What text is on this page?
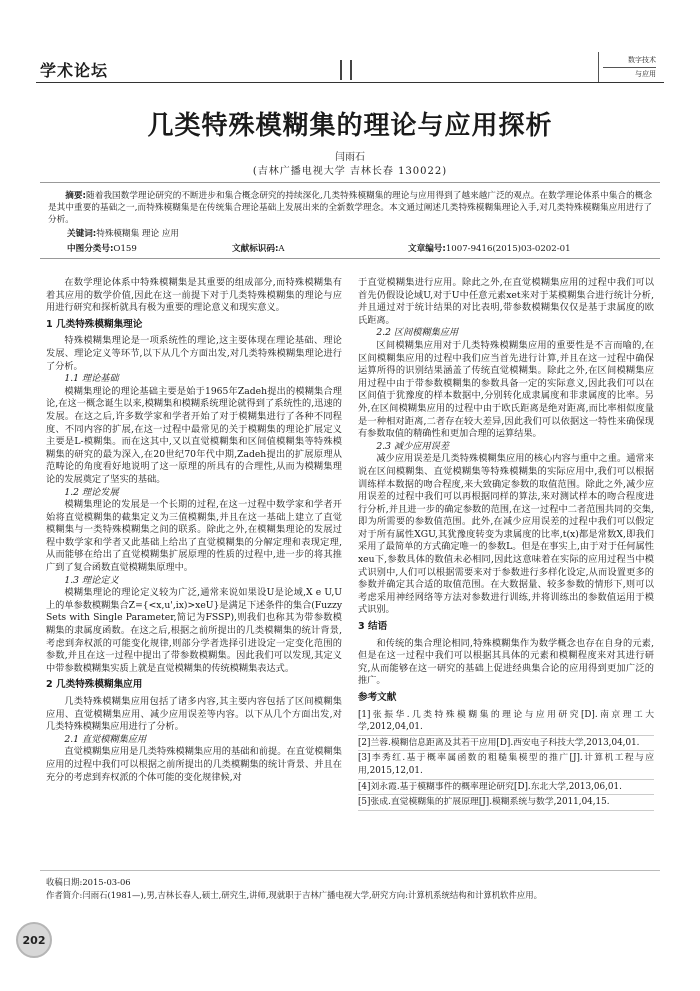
学术论坛
数字技术
与应用
几类特殊模糊集的理论与应用探析
闫雨石
(吉林广播电视大学 吉林长春 130022)
摘要:随着我国数学理论研究的不断进步和集合概念研究的持续深化,几类特殊模糊集的理论与应用得到了越来越广泛的观点。在数学理论体系中集合的概念是其中重要的基础之一,而特殊模糊集是在传统集合理论基础上发展出来的全新数学理念。本文通过阐述几类特殊模糊集理论入手,对几类特殊模糊集应用进行了分析。
关键词:特殊模糊集 理论 应用
中图分类号:O159	文献标识码:A	文章编号:1007-9416(2015)03-0202-01

在数学理论体系中特殊模糊集是其重要的组成部分,而特殊模糊集有着其应用的数学价值,因此在这一前提下对于几类特殊模糊集的理论与应用进行研究和探析就具有极为重要的理论意义和现实意义。

1 几类特殊模糊集理论

特殊模糊集理论是一项系统性的理论,这主要体现在理论基础、理论发展、理论定义等环节,以下从几个方面出发,对几类特殊模糊集理论进行了分析。

1.1 理论基础

模糊集理论的理论基础主要是始于1965年Zadeh提出的模糊集合理论,在这一概念诞生以来,模糊集和模糊系统理论就得到了系统性的,迅速的发展。在这之后,许多数学家和学者开始了对于模糊集进行了各种不同程度、不同内容的扩展,在这一过程中最常见的关于模糊集的理论扩展定义主要是L-模糊集。而在这其中,又以直觉模糊集和区间值模糊集等特殊模糊集的研究的最为深入,在20世纪70年代中期,Zadeh提出的扩展原理从范畴论的角度看好地说明了这一原理的所具有的合理性,从而为模糊集理论的发展奠定了坚实的基础。

1.2 理论发展

模糊集理论的发展是一个长期的过程,在这一过程中数学家和学者开始将直觉模糊集的截集定义为三值模糊集,并且在这一基础上建立了直觉模糊集与一类特殊模糊集之间的联系。除此之外,在模糊集理论的发展过程中数学家和学者又此基础上给出了直觉模糊集的分解定理和表现定理,从而能够在给出了直觉模糊集扩展原理的性质的过程中,进一步的将其推广到了复合函数直觉模糊集原理中。

1.3 理论定义

模糊集理论的理论定义较为广泛,通常来说如果设U是论域,X e U,U上的单参数模糊集合Z={<x,u',ix)>xeU}是满足下述条件的集合(Fuzzy Sets with Single Parameter,简记为FSSP),则我们也称其为带参数模糊集的隶属度函数。在这之后,根据之前所提出的几类模糊集的统计背景,考虑到奔权派的可能变化规律,则部分学者选择引进设定一定变化范围的参数,并且在这一过程中提出了带参数模糊集。因此我们可以发现,其定义中带参数模糊集实质上就是直觉模糊集的传统模糊集表达式。

2 几类特殊模糊集应用

几类特殊模糊集应用包括了诸多内容,其主要内容包括了区间模糊集应用、直觉模糊集应用、减少应用误差等内容。以下从几个方面出发,对几类特殊模糊集应用进行了分析。

2.1 直觉模糊集应用

直觉模糊集应用是几类特殊模糊集应用的基础和前提。在直觉模糊集应用的过程中我们可以根据之前所提出的几类模糊集的统计背景、并且在充分的考虑到弃权派的个体可能的变化规律候,对

于直觉模糊集进行应用。除此之外,在直觉模糊集应用的过程中我们可以首先仍假设论域U,对于U中任意元素xet来对于某模糊集合进行统计分析,并且通过对于统计结果的对比表明,带参数模糊集仅仅是基于隶属度的欧氏距离。

2.2 区间模糊集应用

区间模糊集应用对于几类特殊模糊集应用的重要性是不言而喻的,在区间模糊集应用的过程中我们应当首先进行计算,并且在这一过程中确保运算所得的识别结果涵盖了传统直觉模糊集。除此之外,在区间模糊集应用过程中由于带参数模糊集的参数具备一定的实际意义,因此我们可以在区间值于犹豫度的样本数据中,分别转化成隶属度和非隶属度的比率。另外,在区间模糊集应用的过程中由于欧氏距离是绝对距离,而比率相似度量是一种相对距离,二者存在较大差异,因此我们可以依据这一特性来确保现有参数取值的精确性和更加合理的运算结果。

2.3 减少应用误差

减少应用误差是几类特殊模糊集应用的核心内容与重中之重。通常来说在区间模糊集、直觉模糊集等特殊模糊集的实际应用中,我们可以根据训练样本数据的吻合程度,来大致确定参数的取值范围。除此之外,减少应用误差的过程中我们可以再根据同样的算法,来对测试样本的吻合程度进行分析,并且进一步的确定参数的范围,在这一过程中二者范围共同的交集,即为所需要的参数值范围。此外,在减少应用误差的过程中我们可以假定对于所有属性XGU,其犹豫度转变为隶属度的比率,t(x)都是常数X,即我们采用了最简单的方式确定唯一的参数L。但是在事实上,由于对于任何属性xeu下,参数具体的数值未必相同,因此这意味着在实际的应用过程当中模式识别中,人们可以根据需要来对于参数进行多样化设定,从而设置更多的参数并确定其合适的取值范围。在大数据量、较多参数的情形下,则可以考虑采用神经网络等方法对参数进行训练,并将训练出的参数值运用于模式识别。

3 结语

和传统的集合理论相同,特殊模糊集作为数学概念也存在自身的元素,但是在这一过程中我们可以根据其具体的元素和模糊程度来对其进行研究,从而能够在这一研究的基础上促进经典集合论的应用得到更加广泛的推广。

参考文献

[1]张振华.几类特殊模糊集的理论与应用研究[D].南京理工大学,2012,04,01.

[2]兰蓉.模糊信息距离及其若干应用[D].西安电子科技大学,2013,04,01.

[3]李秀红.基于概率属函数的粗糙集模型的推广[J].计算机工程与应用,2015,12,01.

[4]刘永霞.基于模糊事件的概率理论研究[D].东北大学,2013,06,01.

[5]张成.直觉模糊集的扩展原理[J].模糊系统与数学,2011,04,15.

收稿日期:2015-03-06
作者简介:闫雨石(1981—),男,吉林长春人,硕士,研究生,讲师,现就职于吉林广播电视大学,研究方向:计算机系统结构和计算机软件应用。
202
